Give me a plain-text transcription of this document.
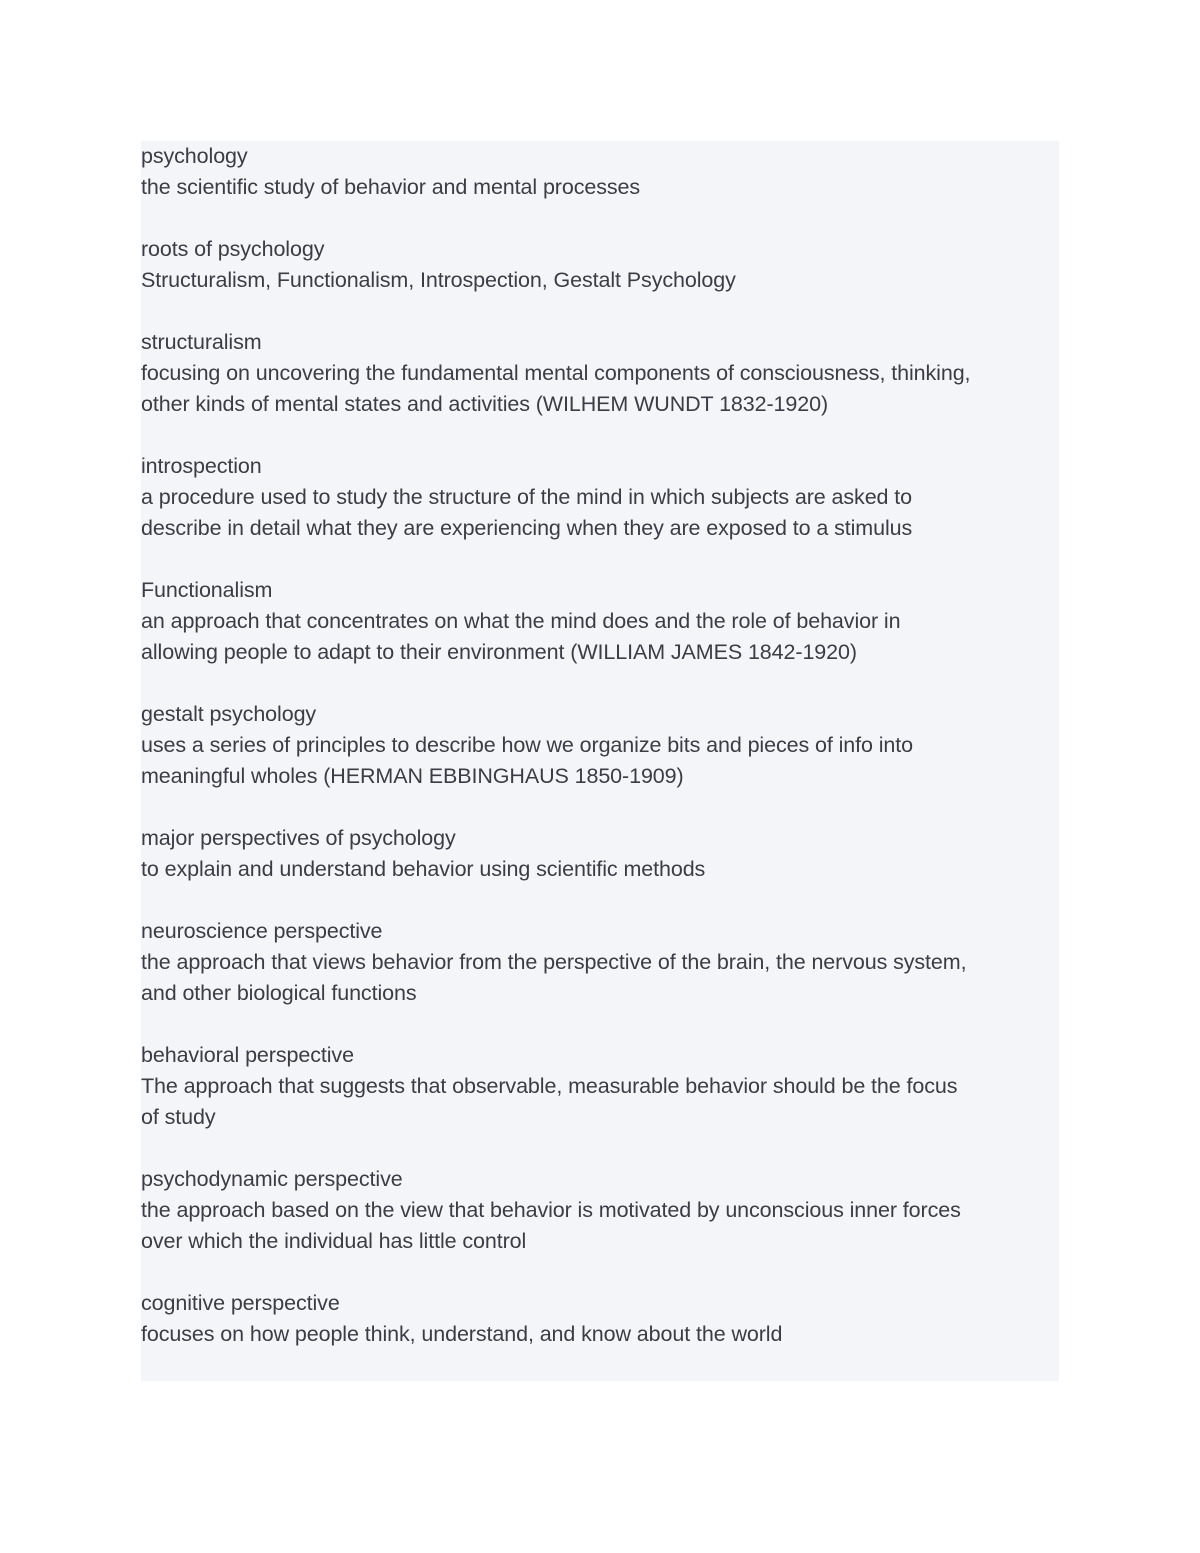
psychology
the scientific study of behavior and mental processes
roots of psychology
Structuralism, Functionalism, Introspection, Gestalt Psychology
structuralism
focusing on uncovering the fundamental mental components of consciousness, thinking,
other kinds of mental states and activities (WILHEM WUNDT 1832-1920)
introspection
a procedure used to study the structure of the mind in which subjects are asked to
describe in detail what they are experiencing when they are exposed to a stimulus
Functionalism
an approach that concentrates on what the mind does and the role of behavior in
allowing people to adapt to their environment (WILLIAM JAMES 1842-1920)
gestalt psychology
uses a series of principles to describe how we organize bits and pieces of info into
meaningful wholes (HERMAN EBBINGHAUS 1850-1909)
major perspectives of psychology
to explain and understand behavior using scientific methods
neuroscience perspective
the approach that views behavior from the perspective of the brain, the nervous system,
and other biological functions
behavioral perspective
The approach that suggests that observable, measurable behavior should be the focus
of study
psychodynamic perspective
the approach based on the view that behavior is motivated by unconscious inner forces
over which the individual has little control
cognitive perspective
focuses on how people think, understand, and know about the world
